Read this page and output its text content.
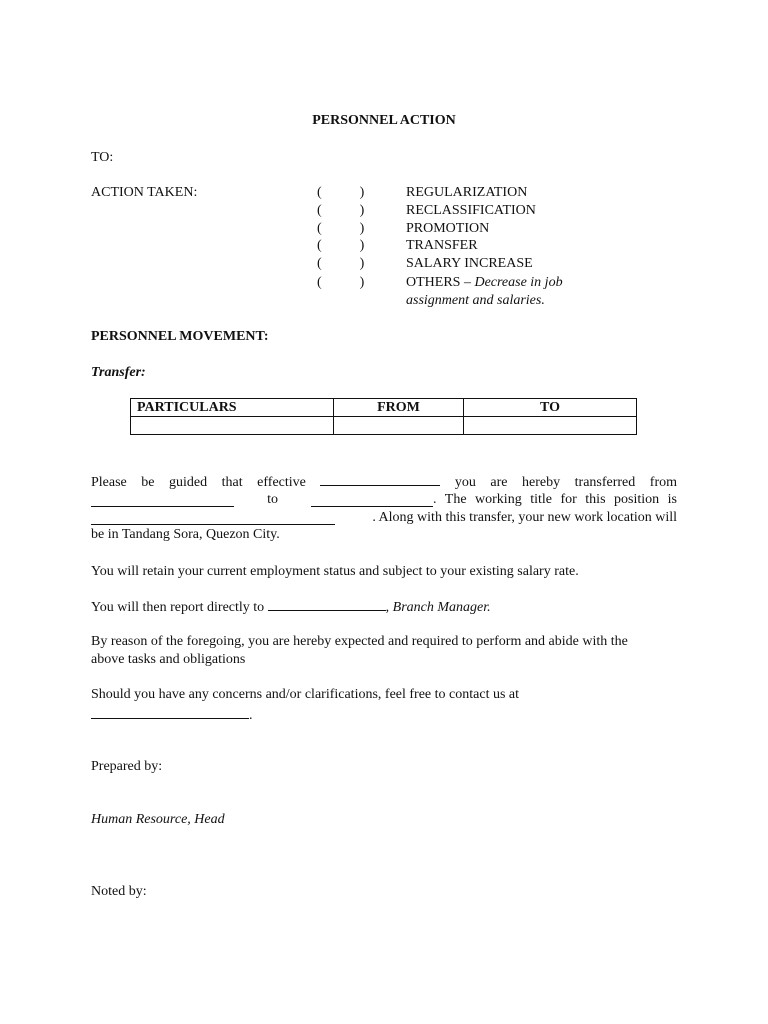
PERSONNEL ACTION
TO:
ACTION TAKEN:	(	)	REGULARIZATION
(	)	RECLASSIFICATION
(	)	PROMOTION
(	)	TRANSFER
(	)	SALARY INCREASE
(	)	OTHERS – Decrease in job
assignment and salaries.
PERSONNEL MOVEMENT:
Transfer:
PARTICULARS	FROM	TO

Please be guided that effective	you are hereby transferred from
to	. The working title for this position is
. Along with this transfer, your new work location will
be in Tandang Sora, Quezon City.
You will retain your current employment status and subject to your existing salary rate.
You will then report directly to	, Branch Manager.
By reason of the foregoing, you are hereby expected and required to perform and abide with the
above tasks and obligations
Should you have any concerns and/or clarifications, feel free to contact us at
.
Prepared by:
Human Resource, Head
Noted by:
